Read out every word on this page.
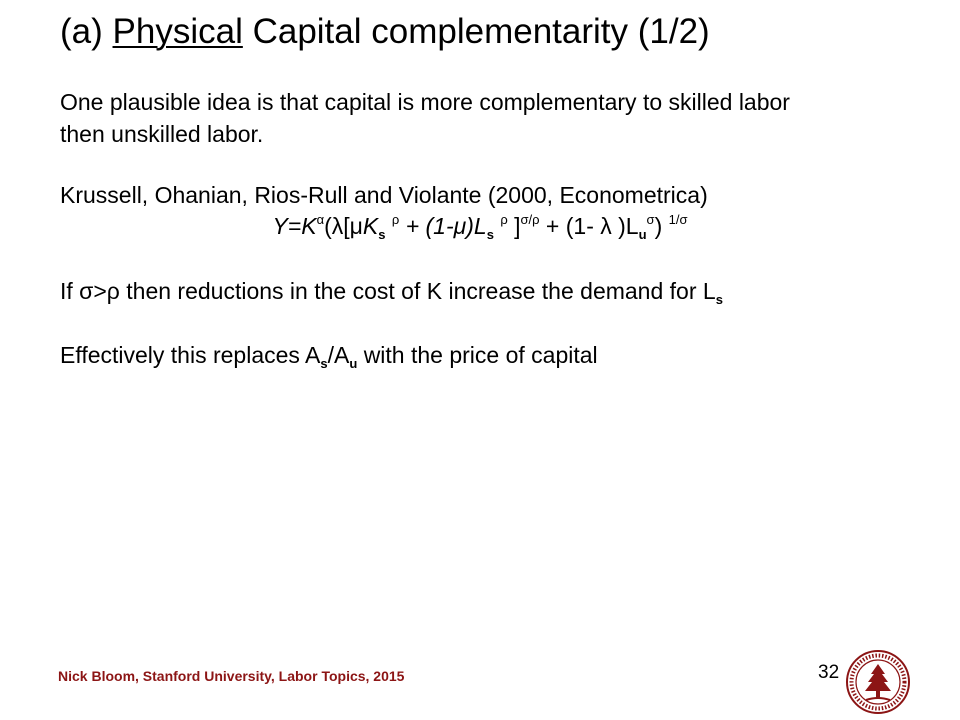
(a) Physical Capital complementarity (1/2)
One plausible idea is that capital is more complementary to skilled labor
then unskilled labor.
Krussell, Ohanian, Rios-Rull and Violante (2000, Econometrica)
$Y=K^\alpha(\lambda[\mu K_s$ $^\rho + (1-\mu)L_s$ $^\rho$ ]$^{\sigma/\rho}$ + (1- λ )$L_u^\sigma$) $^{1/\sigma}$
If σ>ρ then reductions in the cost of K increase the demand for $L_s$
Effectively this replaces $A_s/A_u$ with the price of capital
Nick Bloom, Stanford University, Labor Topics, 2015	32
